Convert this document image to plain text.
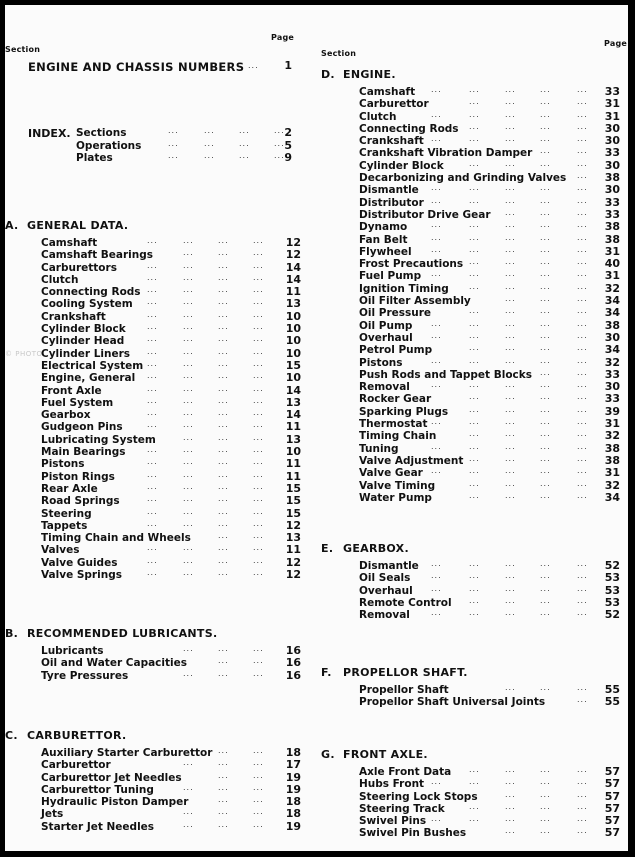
Section
Page
ENGINE AND CHASSIS NUMBERS ... 1
INDEX. Sections	...	...	...	... 2
Operations	...	...	...	... 5
Plates	...	...	...	... 9
© PHOTO
A. GENERAL DATA.
Camshaft	...	...	...	... 12
Camshaft Bearings	...	...	... 12
Carburettors	...	...	...	... 14
Clutch	...	...	...	... 14
Connecting Rods ...	...	...	... 11
Cooling System ...	...	...	... 13
Crankshaft	...	...	...	... 10
Cylinder Block	...	...	...	... 10
Cylinder Head	...	...	...	... 10
Cylinder Liners ...	...	...	... 10
Electrical System ...	...	...	... 15
Engine, General ...	...	...	... 10
Front Axle	...	...	...	... 14
Fuel System	...	...	...	... 13
Gearbox	...	...	...	... 14
Gudgeon Pins	...	...	...	... 11
Lubricating System	...	...	... 13
Main Bearings	...	...	...	... 10
Pistons	...	...	...	... 11
Piston Rings	...	...	...	... 11
Rear Axle	...	...	...	... 15
Road Springs	...	...	...	... 15
Steering	...	...	...	... 15
Tappets	...	...	...	... 12
Timing Chain and Wheels	...	... 13
Valves	...	...	...	... 11
Valve Guides	...	...	...	... 12
Valve Springs	...	...	...	... 12
B. RECOMMENDED LUBRICANTS.
Lubricants	...	...	... 16
Oil and Water Capacities	...	... 16
Tyre Pressures	...	...	... 16
C. CARBURETTOR.
Auxiliary Starter Carburettor ...	... 18
Carburettor	...	...	... 17
Carburettor Jet Needles	...	... 19
Carburettor Tuning	...	...	... 19
Hydraulic Piston Damper	...	... 18
Jets	...	...	... 18
Starter Jet Needles	...	...	... 19
Section
Page
D. ENGINE.
Camshaft ...	...	...	...	... 33
Carburettor	...	...	...	... 31
Clutch	...	...	...	...	... 31
Connecting Rods ...	...	...	... 30
Crankshaft ...	...	...	...	... 30
Crankshaft Vibration Damper ...	... 33
Cylinder Block	...	...	...	... 30
Decarbonizing and Grinding Valves ... 38
Dismantle ...	...	...	...	... 30
Distributor ...	...	...	...	... 33
Distributor Drive Gear ...	...	... 33
Dynamo	...	...	...	...	... 38
Fan Belt	...	...	...	...	... 38
Flywheel ...	...	...	...	... 31
Frost Precautions ...	...	...	... 40
Fuel Pump ...	...	...	...	... 31
Ignition Timing	...	...	...	... 32
Oil Filter Assembly	...	...	... 34
Oil Pressure	...	...	...	... 34
Oil Pump ...	...	...	...	... 38
Overhaul ...	...	...	...	... 30
Petrol Pump	...	...	...	... 34
Pistons	...	...	...	...	... 32
Push Rods and Tappet Blocks ...	... 33
Removal	...	...	...	...	... 30
Rocker Gear	...	...	...	... 33
Sparking Plugs	...	...	...	... 39
Thermostat ...	...	...	...	... 31
Timing Chain	...	...	...	... 32
Tuning	...	...	...	...	... 38
Valve Adjustment ...	...	...	... 38
Valve Gear ...	...	...	...	... 31
Valve Timing	...	...	...	... 32
Water Pump	...	...	...	... 34
E. GEARBOX.
Dismantle ...	...	...	...	... 52
Oil Seals	...	...	...	...	... 53
Overhaul ...	...	...	...	... 53
Remote Control ...	...	...	... 53
Removal	...	...	...	...	... 52
F. PROPELLOR SHAFT.
Propellor Shaft	...	...	... 55
Propellor Shaft Universal Joints	... 55
G. FRONT AXLE.
Axle Front Data ...	...	...	... 57
Hubs Front ...	...	...	...	... 57
Steering Lock Stops	...	...	... 57
Steering Track	...	...	...	... 57
Swivel Pins ...	...	...	...	... 57
Swivel Pin Bushes	...	...	... 57
